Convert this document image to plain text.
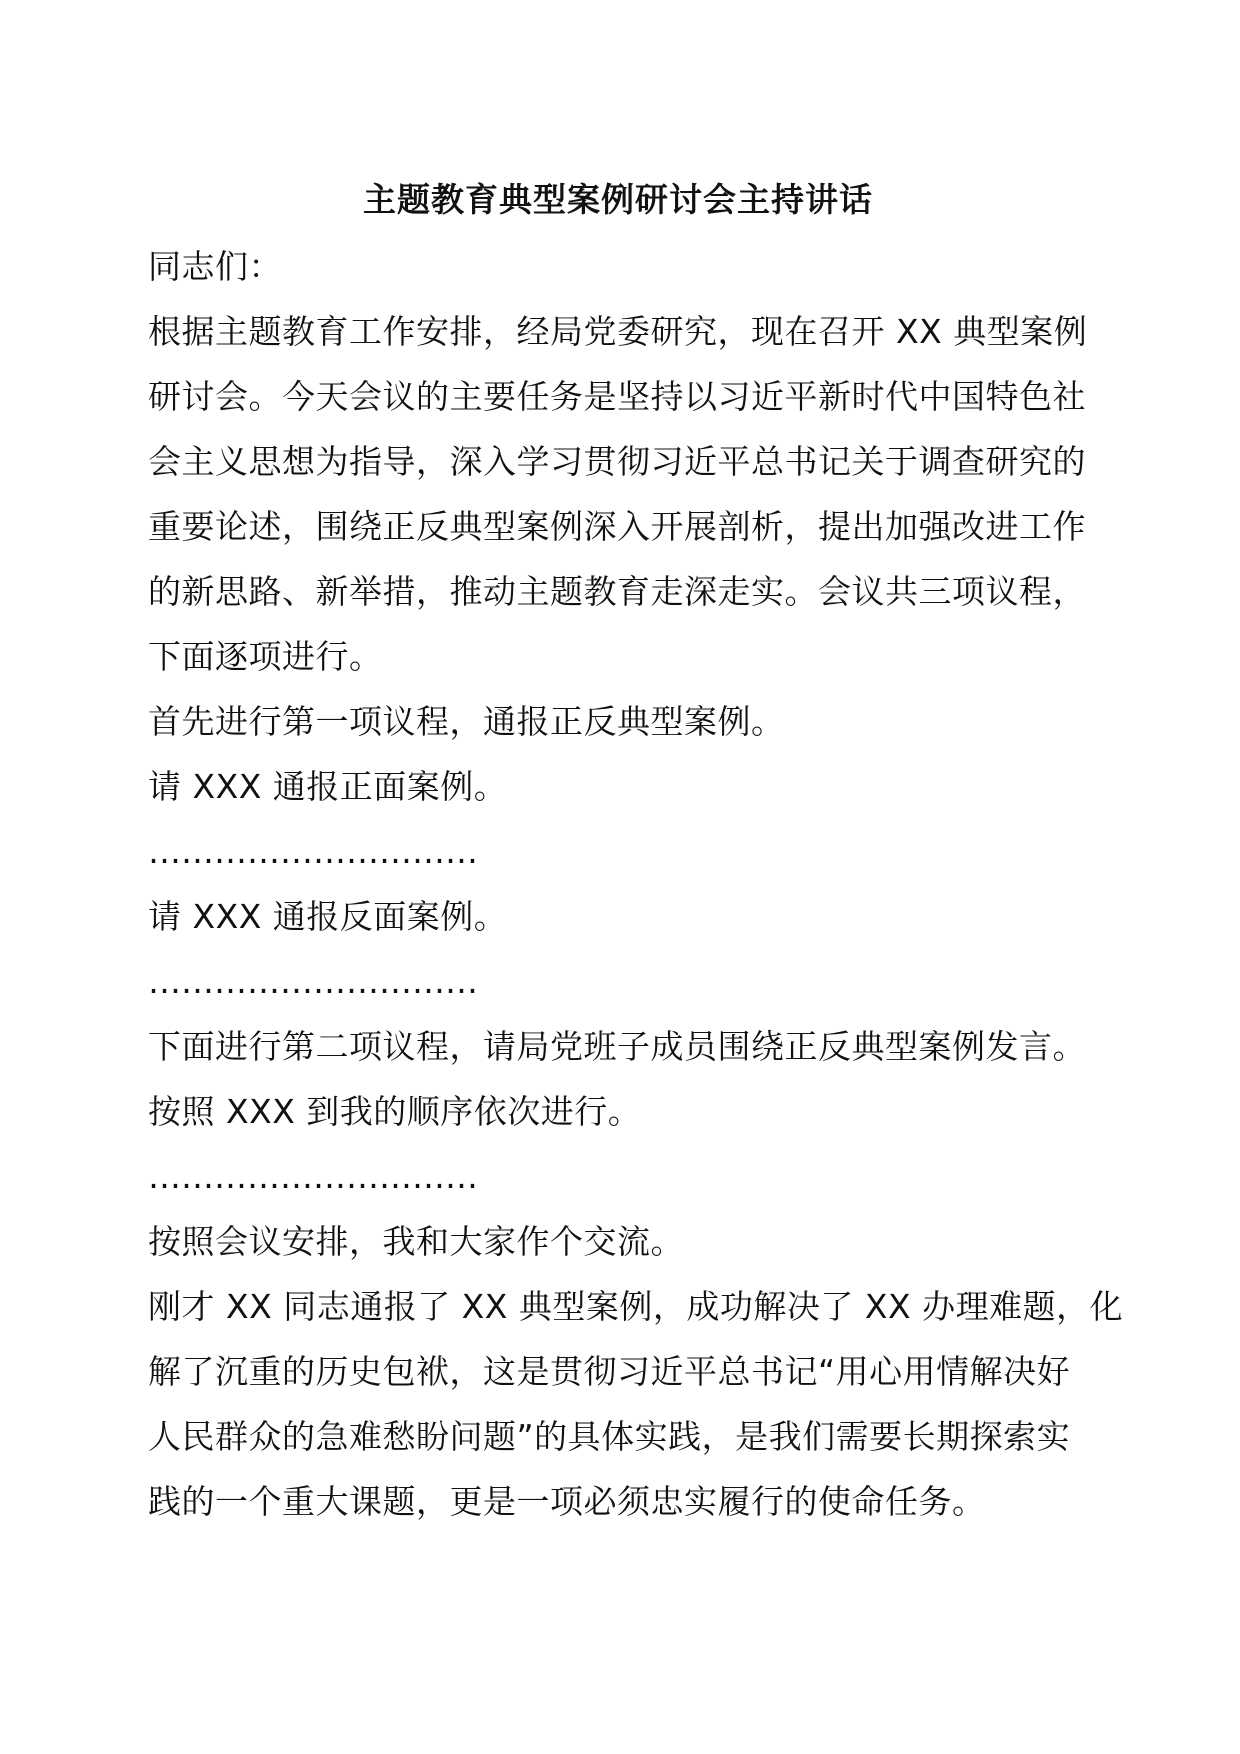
主题教育典型案例研讨会主持讲话
同志们：
根据主题教育工作安排，经局党委研究，现在召开 XX 典型案例
研讨会。今天会议的主要任务是坚持以习近平新时代中国特色社
会主义思想为指导，深入学习贯彻习近平总书记关于调查研究的
重要论述，围绕正反典型案例深入开展剖析，提出加强改进工作
的新思路、新举措，推动主题教育走深走实。会议共三项议程，
下面逐项进行。
首先进行第一项议程，通报正反典型案例。
请 XXX 通报正面案例。
…………………………
请 XXX 通报反面案例。
…………………………
下面进行第二项议程，请局党班子成员围绕正反典型案例发言。
按照 XXX 到我的顺序依次进行。
…………………………
按照会议安排，我和大家作个交流。
刚才 XX 同志通报了 XX 典型案例，成功解决了 XX 办理难题，化
解了沉重的历史包袱，这是贯彻习近平总书记“用心用情解决好
人民群众的急难愁盼问题”的具体实践，是我们需要长期探索实
践的一个重大课题，更是一项必须忠实履行的使命任务。
